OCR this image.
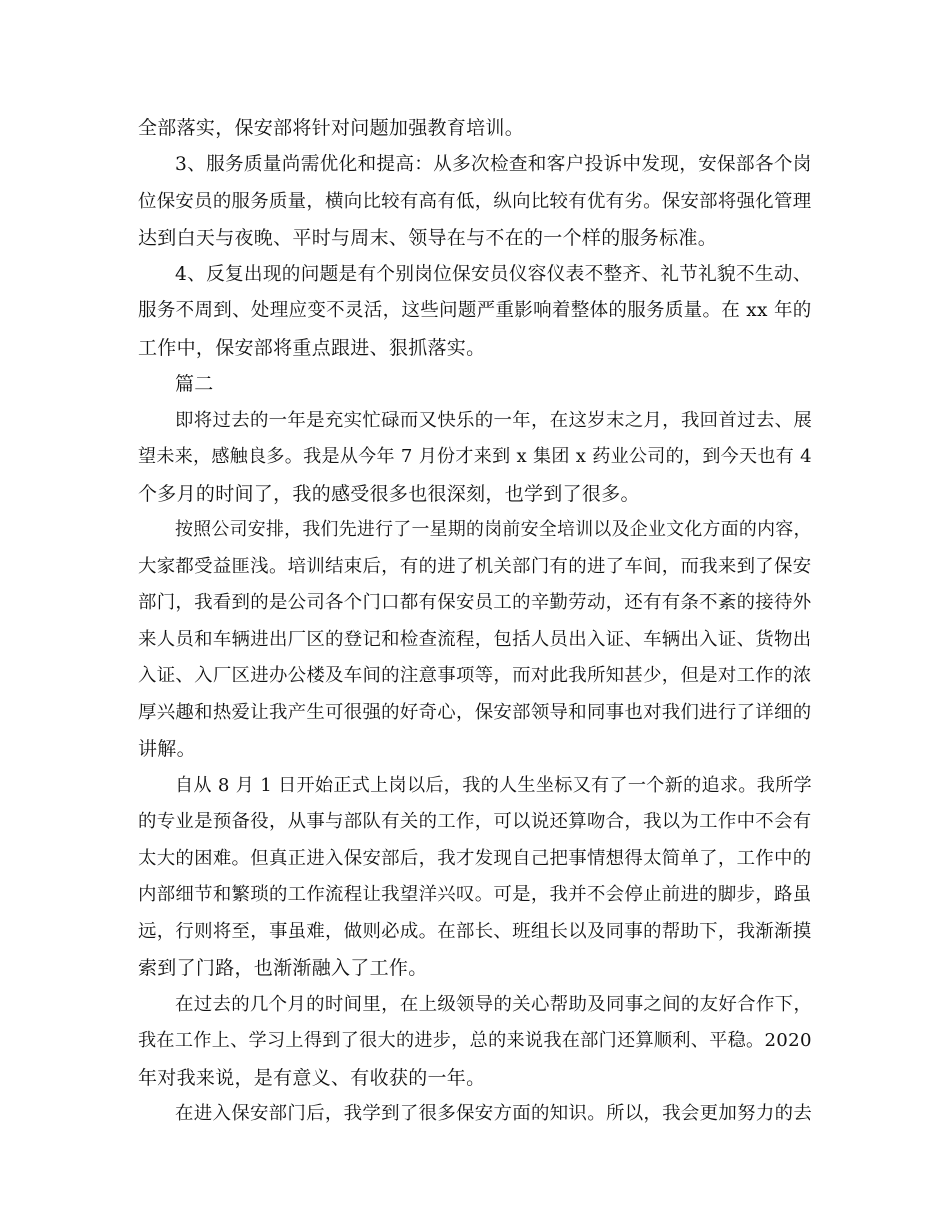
全部落实，保安部将针对问题加强教育培训。
3、服务质量尚需优化和提高：从多次检查和客户投诉中发现，安保部各个岗
位保安员的服务质量，横向比较有高有低，纵向比较有优有劣。保安部将强化管理
达到白天与夜晚、平时与周末、领导在与不在的一个样的服务标准。
4、反复出现的问题是有个别岗位保安员仪容仪表不整齐、礼节礼貌不生动、
服务不周到、处理应变不灵活，这些问题严重影响着整体的服务质量。在 xx 年的
工作中，保安部将重点跟进、狠抓落实。
篇二
即将过去的一年是充实忙碌而又快乐的一年，在这岁末之月，我回首过去、展
望未来，感触良多。我是从今年 7 月份才来到 x 集团 x 药业公司的，到今天也有 4
个多月的时间了，我的感受很多也很深刻，也学到了很多。
按照公司安排，我们先进行了一星期的岗前安全培训以及企业文化方面的内容，
大家都受益匪浅。培训结束后，有的进了机关部门有的进了车间，而我来到了保安
部门，我看到的是公司各个门口都有保安员工的辛勤劳动，还有有条不紊的接待外
来人员和车辆进出厂区的登记和检查流程，包括人员出入证、车辆出入证、货物出
入证、入厂区进办公楼及车间的注意事项等，而对此我所知甚少，但是对工作的浓
厚兴趣和热爱让我产生可很强的好奇心，保安部领导和同事也对我们进行了详细的
讲解。
自从 8 月 1 日开始正式上岗以后，我的人生坐标又有了一个新的追求。我所学
的专业是预备役，从事与部队有关的工作，可以说还算吻合，我以为工作中不会有
太大的困难。但真正进入保安部后，我才发现自己把事情想得太简单了，工作中的
内部细节和繁琐的工作流程让我望洋兴叹。可是，我并不会停止前进的脚步，路虽
远，行则将至，事虽难，做则必成。在部长、班组长以及同事的帮助下，我渐渐摸
索到了门路，也渐渐融入了工作。
在过去的几个月的时间里，在上级领导的关心帮助及同事之间的友好合作下，
我在工作上、学习上得到了很大的进步，总的来说我在部门还算顺利、平稳。2020
年对我来说，是有意义、有收获的一年。
在进入保安部门后，我学到了很多保安方面的知识。所以，我会更加努力的去
